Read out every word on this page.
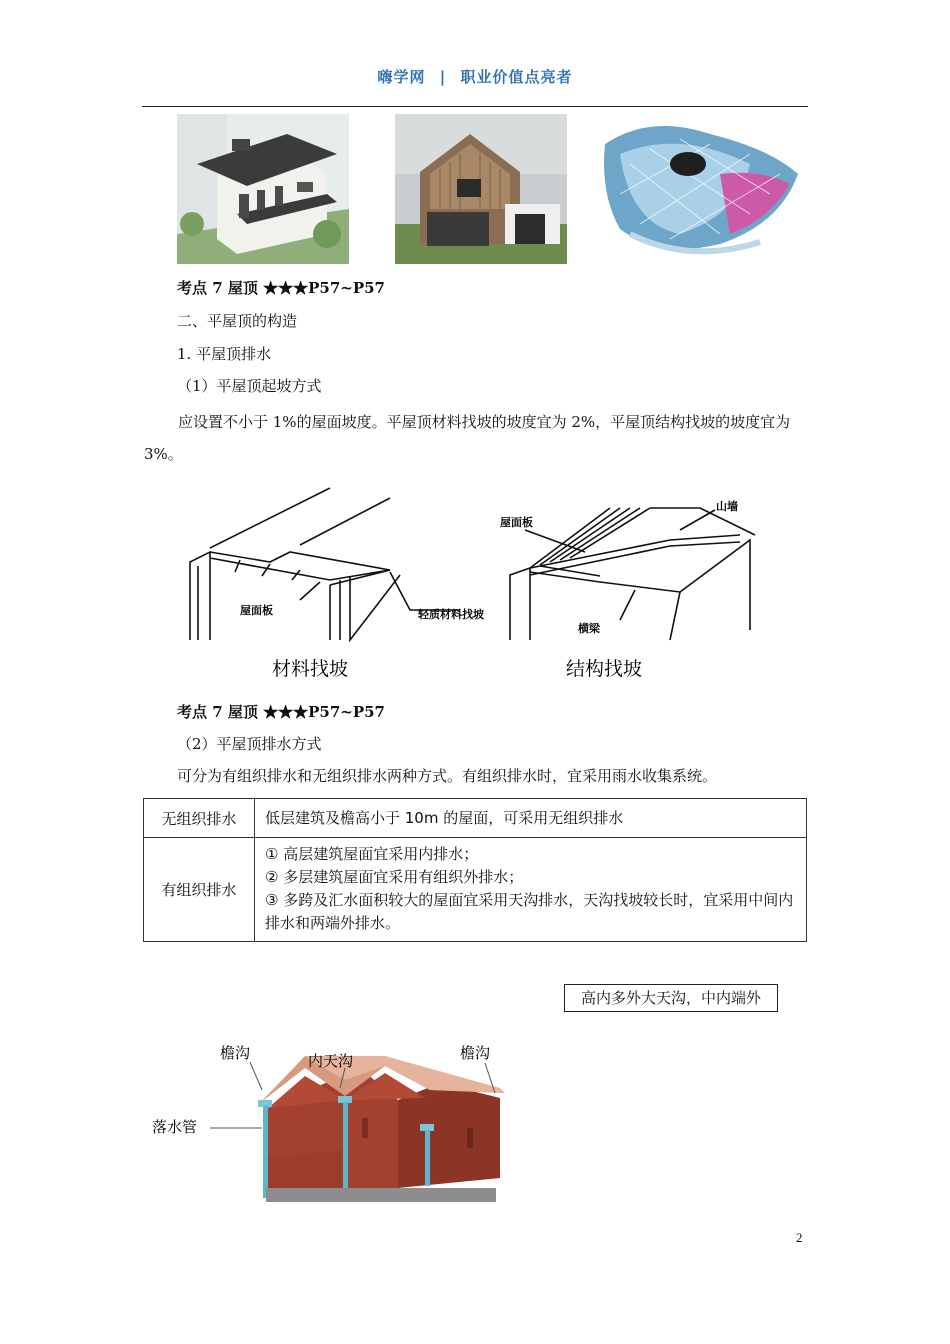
嗨学网 | 职业价值点亮者
考点 7 屋顶 ★★★P57~P57
二、平屋顶的构造
1. 平屋顶排水
（1）平屋顶起坡方式
应设置不小于 1%的屋面坡度。平屋顶材料找坡的坡度宜为 2%，平屋顶结构找坡的坡度宜为 3%。
屋面板	轻质材料找坡
材料找坡
屋面板
山墙
横梁
结构找坡
考点 7 屋顶 ★★★P57~P57
（2）平屋顶排水方式
可分为有组织排水和无组织排水两种方式。有组织排水时，宜采用雨水收集系统。
无组织排水	低层建筑及檐高小于 10m 的屋面，可采用无组织排水

有组织排水	① 高层建筑屋面宜采用内排水；
② 多层建筑屋面宜采用有组织外排水；
③ 多跨及汇水面积较大的屋面宜采用天沟排水，天沟找坡较长时，宜采用中间内排水和两端外排水。
高内多外大天沟，中内端外
檐沟	内天沟	檐沟
落水管
2
